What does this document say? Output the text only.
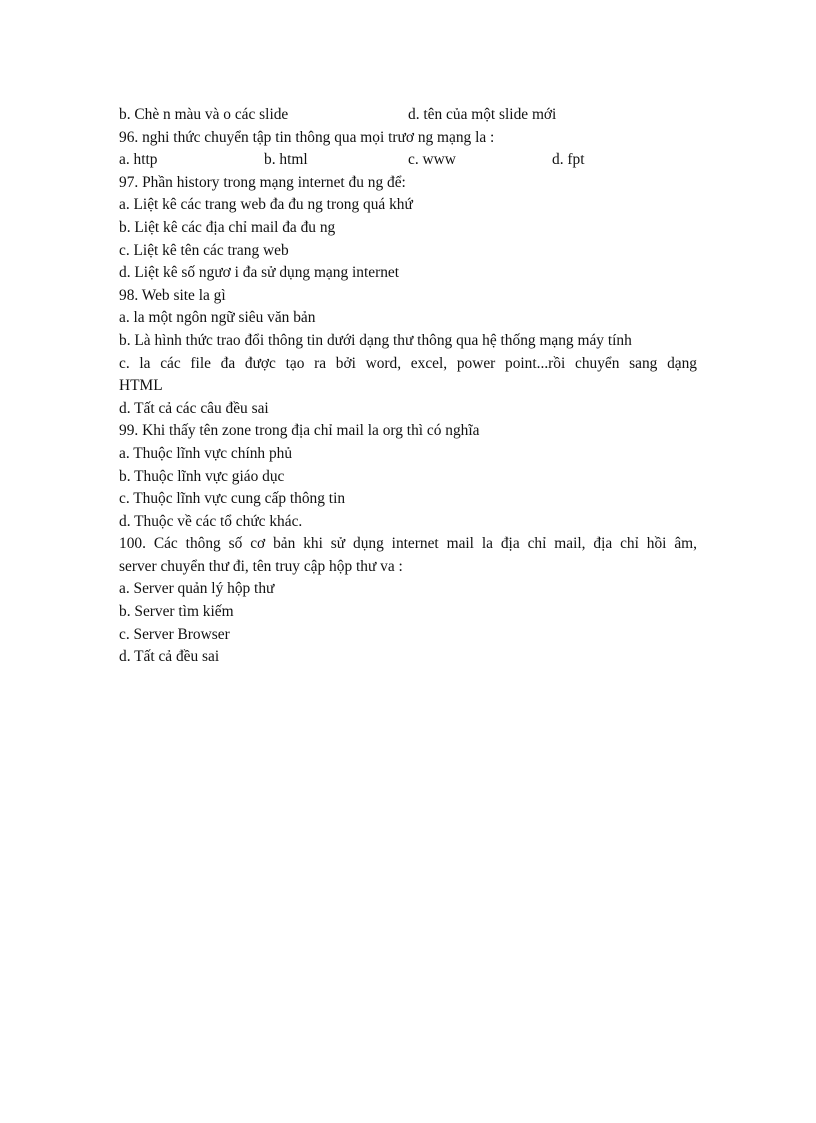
b. Chè n màu và o các slide	d. tên của một slide mới
96. nghi thức chuyển tập tin thông qua mọi trươ ng mạng la :
a. http	b. html	c. www	d. fpt
97. Phần history trong mạng internet đu ng để:
a. Liệt kê các trang web đa đu ng trong quá khứ
b. Liệt kê các địa chỉ mail đa đu ng
c. Liệt kê tên các trang web
d. Liệt kê số ngươ i đa sử dụng mạng internet
98. Web site la gì
a. la một ngôn ngữ siêu văn bản
b. Là hình thức trao đổi thông tin dưới dạng thư thông qua hệ thống mạng máy tính
c. la các file đa được tạo ra bởi word, excel, power point...rồi chuyển sang dạng
HTML
d. Tất cả các câu đều sai
99. Khi thấy tên zone trong địa chỉ mail la org thì có nghĩa
a. Thuộc lĩnh vực chính phủ
b. Thuộc lĩnh vực giáo dục
c. Thuộc lĩnh vực cung cấp thông tin
d. Thuộc về các tổ chức khác.
100. Các thông số cơ bản khi sử dụng internet mail la địa chỉ mail, địa chỉ hồi âm,
server chuyển thư đi, tên truy cập hộp thư va :
a. Server quản lý hộp thư
b. Server tìm kiếm
c. Server Browser
d. Tất cả đều sai
